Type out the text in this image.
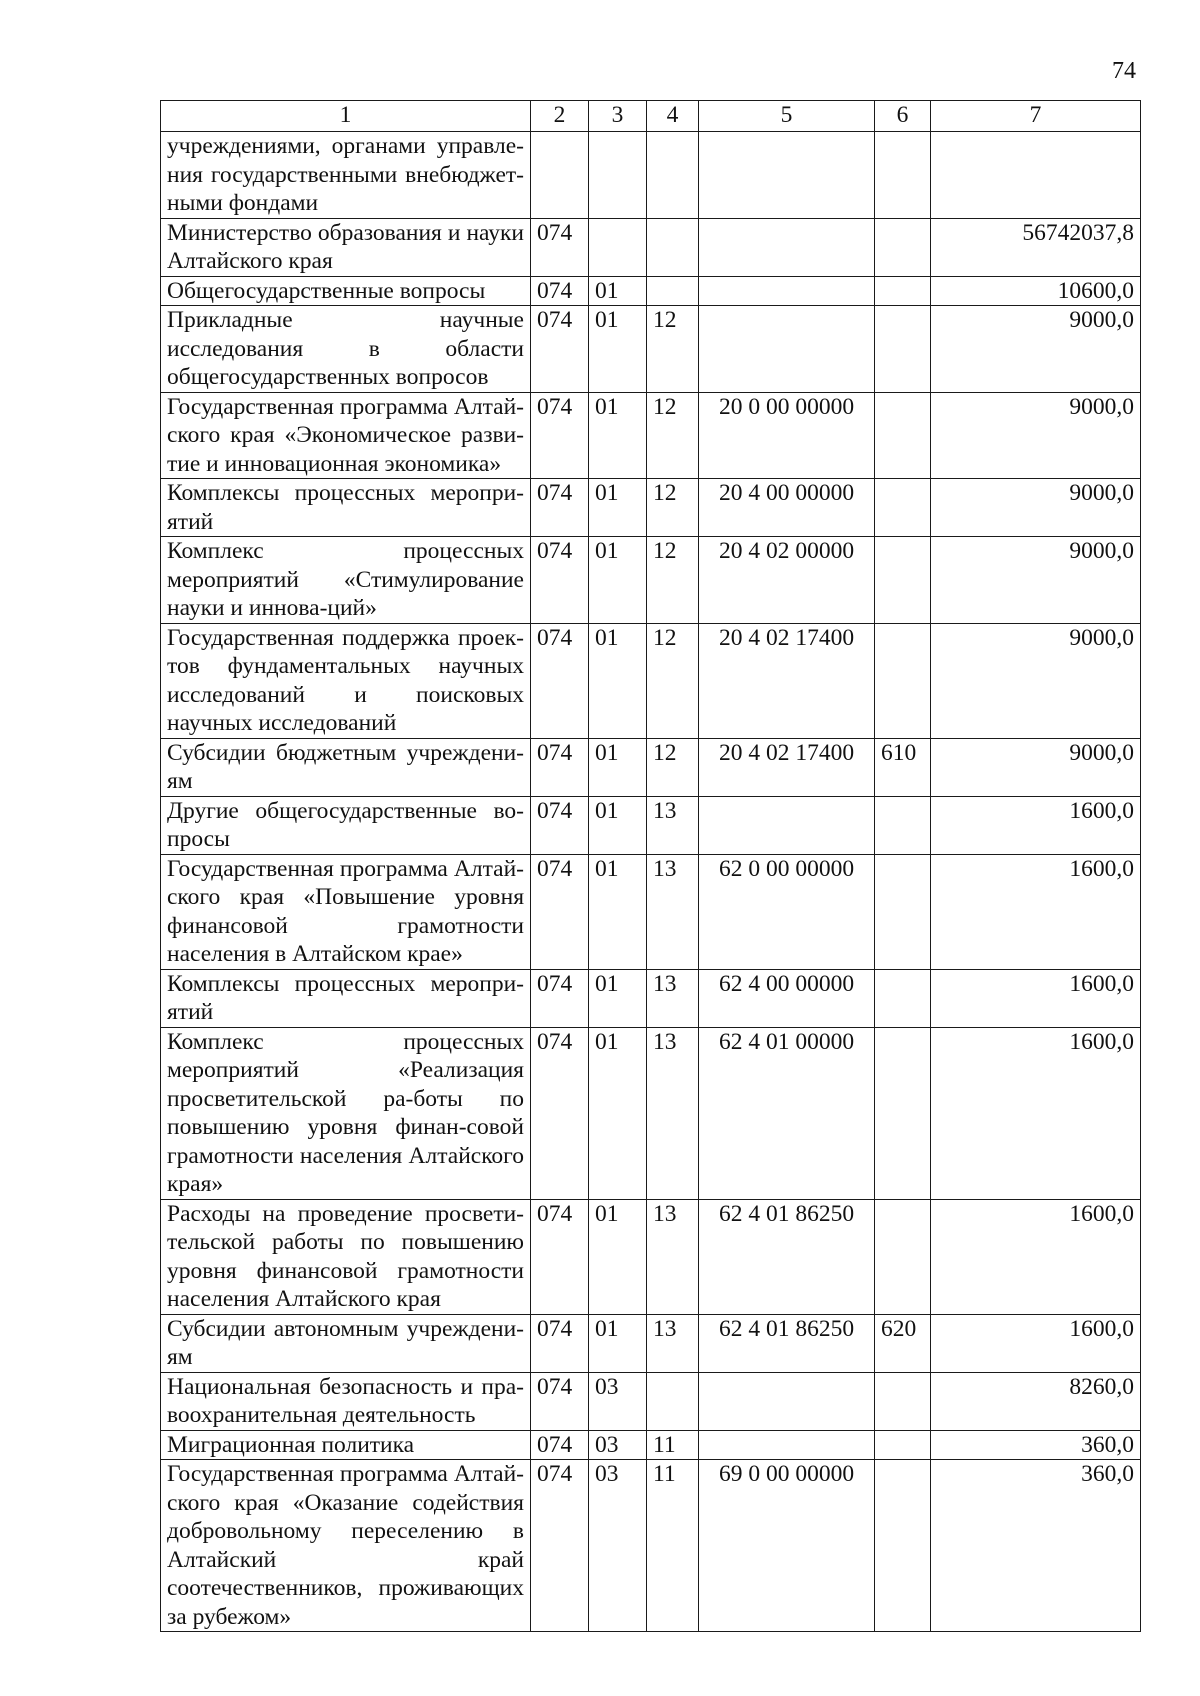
74
1	2	3	4	5	6	7
учреждениями, органами управле-ния государственными внебюджет-ными фондами						
Министерство образования и науки Алтайского края	074					56742037,8
Общегосударственные вопросы	074	01				10600,0
Прикладные научные исследования в области общегосударственных вопросов	074	01	12			9000,0
Государственная программа Алтай-ского края «Экономическое разви-тие и инновационная экономика»	074	01	12	20 0 00 00000		9000,0
Комплексы процессных меропри-ятий	074	01	12	20 4 00 00000		9000,0
Комплекс процессных мероприятий «Стимулирование науки и иннова-ций»	074	01	12	20 4 02 00000		9000,0
Государственная поддержка проек-тов фундаментальных научных исследований и поисковых научных исследований	074	01	12	20 4 02 17400		9000,0
Субсидии бюджетным учреждени-ям	074	01	12	20 4 02 17400	610	9000,0
Другие общегосударственные во-просы	074	01	13			1600,0
Государственная программа Алтай-ского края «Повышение уровня финансовой грамотности населения в Алтайском крае»	074	01	13	62 0 00 00000		1600,0
Комплексы процессных меропри-ятий	074	01	13	62 4 00 00000		1600,0
Комплекс процессных мероприятий «Реализация просветительской ра-боты по повышению уровня финан-совой грамотности населения Алтайского края»	074	01	13	62 4 01 00000		1600,0
Расходы на проведение просвети-тельской работы по повышению уровня финансовой грамотности населения Алтайского края	074	01	13	62 4 01 86250		1600,0
Субсидии автономным учреждени-ям	074	01	13	62 4 01 86250	620	1600,0
Национальная безопасность и пра-воохранительная деятельность	074	03				8260,0
Миграционная политика	074	03	11			360,0
Государственная программа Алтай-ского края «Оказание содействия добровольному переселению в Алтайский край соотечественников, проживающих за рубежом»	074	03	11	69 0 00 00000		360,0
